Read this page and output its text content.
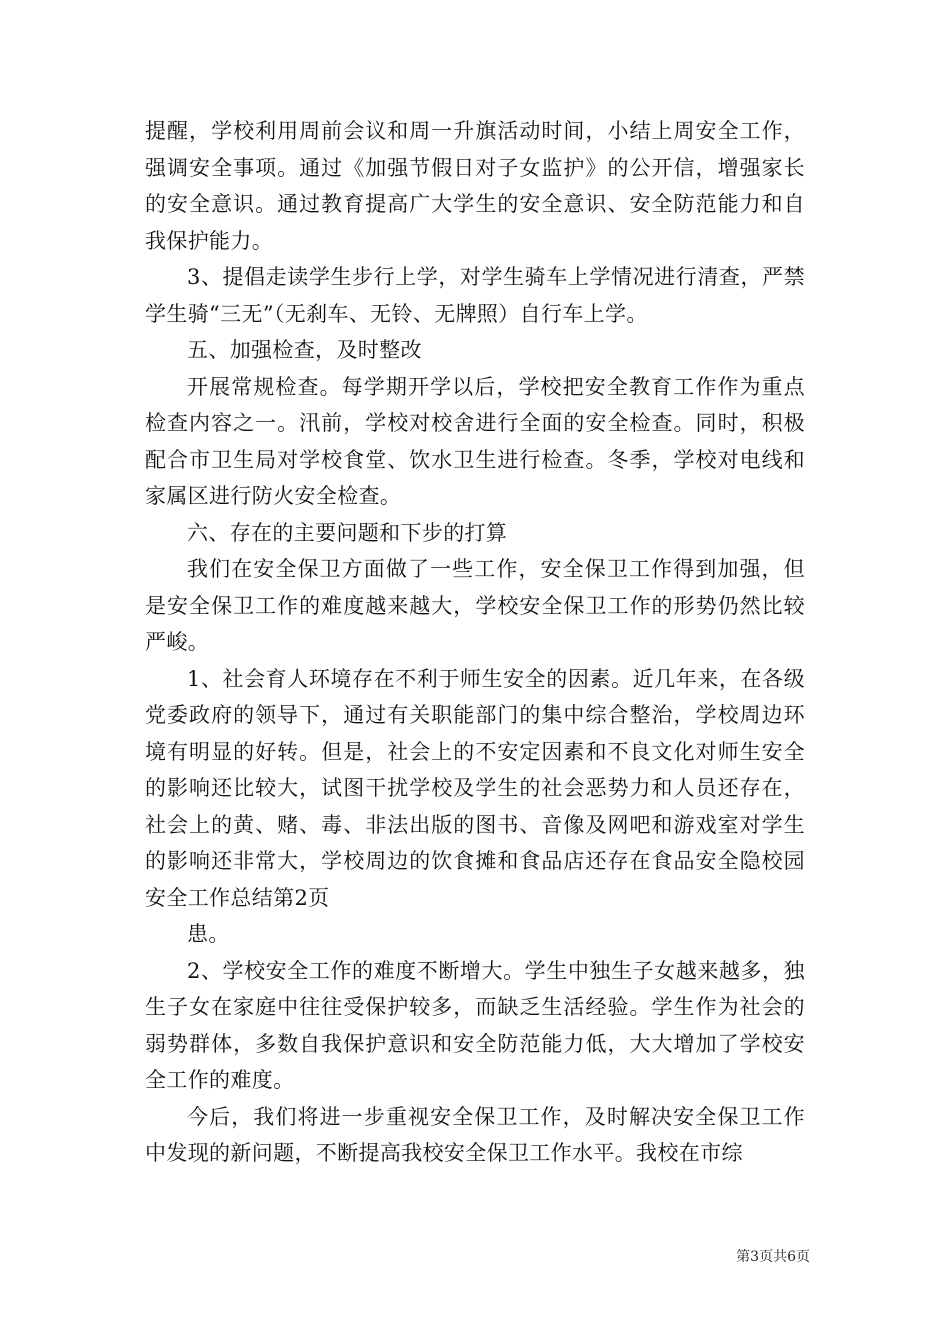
提醒，学校利用周前会议和周一升旗活动时间，小结上周安全工作，强调安全事项。通过《加强节假日对子女监护》的公开信，增强家长的安全意识。通过教育提高广大学生的安全意识、安全防范能力和自我保护能力。

3、提倡走读学生步行上学，对学生骑车上学情况进行清查，严禁学生骑“三无”（无刹车、无铃、无牌照）自行车上学。

五、加强检查，及时整改

开展常规检查。每学期开学以后，学校把安全教育工作作为重点检查内容之一。汛前，学校对校舍进行全面的安全检查。同时，积极配合市卫生局对学校食堂、饮水卫生进行检查。冬季，学校对电线和家属区进行防火安全检查。

六、存在的主要问题和下步的打算

我们在安全保卫方面做了一些工作，安全保卫工作得到加强，但是安全保卫工作的难度越来越大，学校安全保卫工作的形势仍然比较严峻。

1、社会育人环境存在不利于师生安全的因素。近几年来，在各级党委政府的领导下，通过有关职能部门的集中综合整治，学校周边环境有明显的好转。但是，社会上的不安定因素和不良文化对师生安全的影响还比较大，试图干扰学校及学生的社会恶势力和人员还存在，社会上的黄、赌、毒、非法出版的图书、音像及网吧和游戏室对学生的影响还非常大，学校周边的饮食摊和食品店还存在食品安全隐校园安全工作总结第2页

患。

2、学校安全工作的难度不断增大。学生中独生子女越来越多，独生子女在家庭中往往受保护较多，而缺乏生活经验。学生作为社会的弱势群体，多数自我保护意识和安全防范能力低，大大增加了学校安全工作的难度。

今后，我们将进一步重视安全保卫工作，及时解决安全保卫工作中发现的新问题，不断提高我校安全保卫工作水平。我校在市综

第3页共6页
